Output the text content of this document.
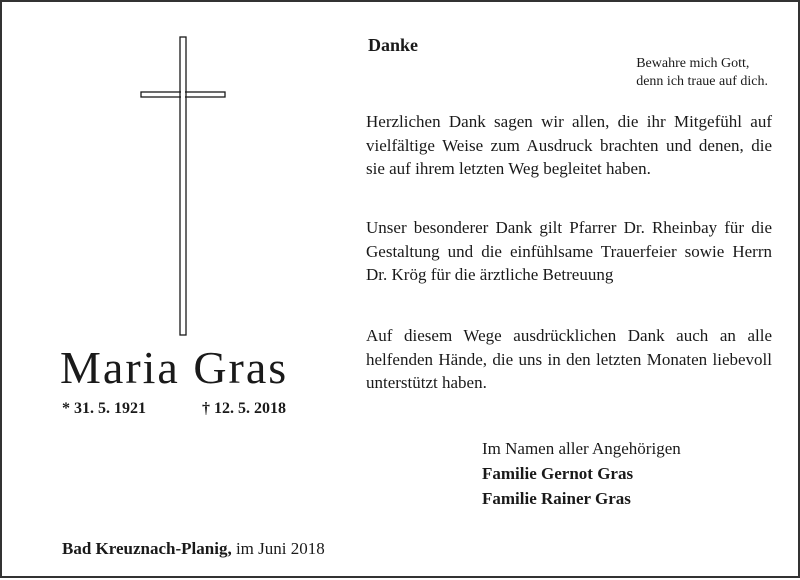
Maria Gras
* 31. 5. 1921	† 12. 5. 2018
Danke
Bewahre mich Gott,
denn ich traue auf dich.

Herzlichen Dank sagen wir allen, die ihr Mitgefühl auf vielfältige Weise zum Ausdruck brachten und denen, die sie auf ihrem letzten Weg begleitet haben.

Unser besonderer Dank gilt Pfarrer Dr. Rheinbay für die Gestaltung und die einfühlsame Trauerfeier sowie Herrn Dr. Krög für die ärztliche Betreuung

Auf diesem Wege ausdrücklichen Dank auch an alle helfenden Hände, die uns in den letzten Monaten liebevoll unterstützt haben.

Im Namen aller Angehörigen
Familie Gernot Gras
Familie Rainer Gras
Bad Kreuznach-Planig, im Juni 2018
